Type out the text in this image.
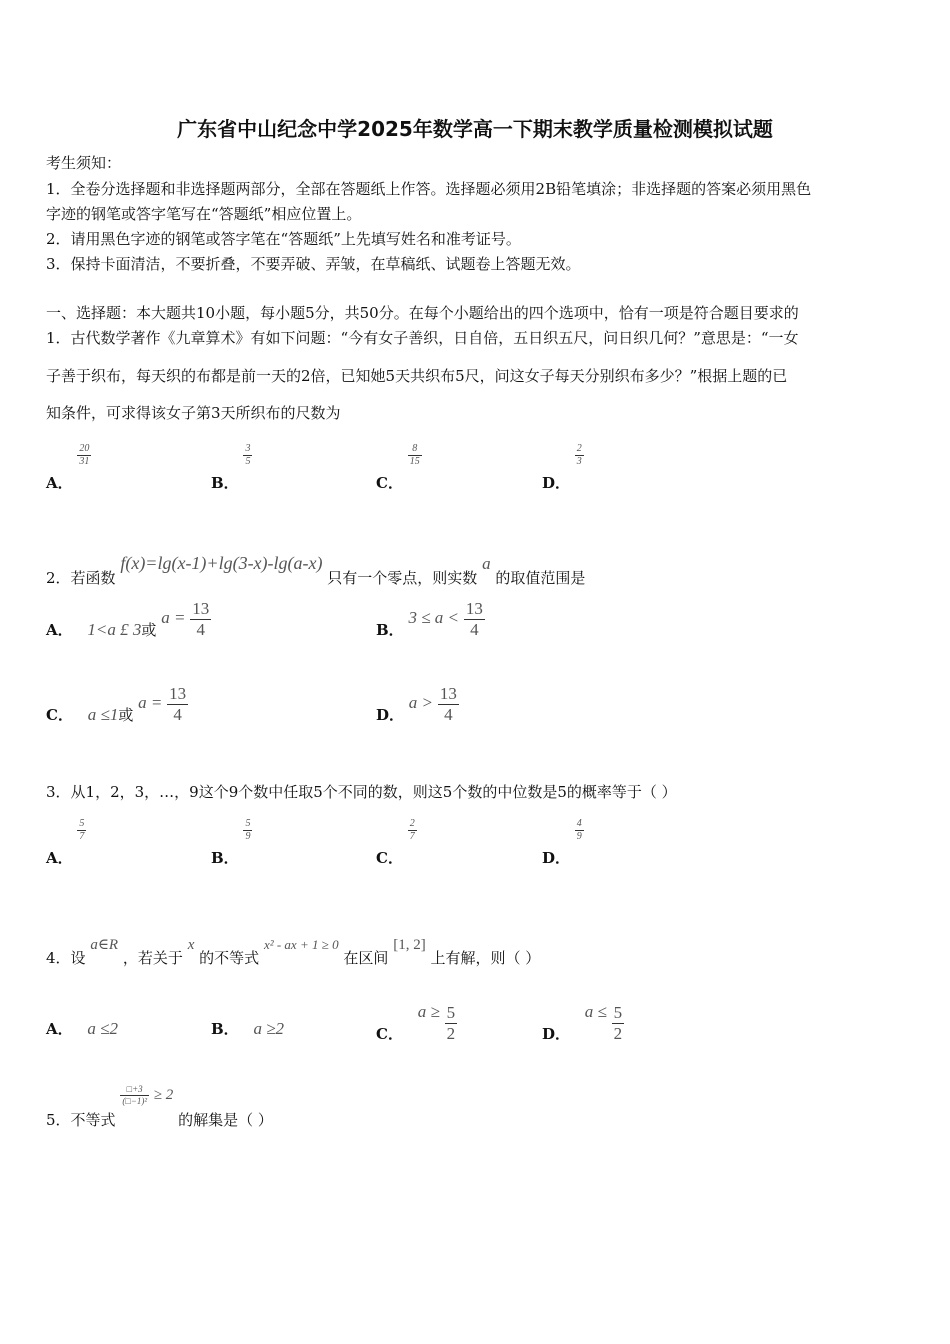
广东省中山纪念中学2025年数学高一下期末教学质量检测模拟试题
考生须知：
1．全卷分选择题和非选择题两部分，全部在答题纸上作答。选择题必须用2B铅笔填涂；非选择题的答案必须用黑色
字迹的钢笔或答字笔写在“答题纸”相应位置上。
2．请用黑色字迹的钢笔或答字笔在“答题纸”上先填写姓名和准考证号。
3．保持卡面清洁，不要折叠，不要弄破、弄皱，在草稿纸、试题卷上答题无效。
一、选择题：本大题共10小题，每小题5分，共50分。在每个小题给出的四个选项中，恰有一项是符合题目要求的
1．古代数学著作《九章算术》有如下问题：“今有女子善织，日自倍，五日织五尺，问日织几何？”意思是：“一女
子善于织布，每天织的布都是前一天的2倍，已知她5天共织布5尺，问这女子每天分别织布多少？”根据上题的已
知条件，可求得该女子第3天所织布的尺数为
A．
$\frac{20}{31}$
B．
$\frac{3}{5}$
C．
$\frac{8}{15}$
D．
$\frac{2}{3}$
2．若函数 f(x)=lg(x-1)+lg(3-x)-lg(a-x) 只有一个零点，则实数 a 的取值范围是
A． 1<a £ 3或 $a = \frac{13}{4}$	B． $3 \le a < \frac{13}{4}$
C． a ≤1或 $a = \frac{13}{4}$	D． $a > \frac{13}{4}$
3．从1，2，3，…，9这个9个数中任取5个不同的数，则这5个数的中位数是5的概率等于（ ）
A．
$\frac{5}{7}$
B．
$\frac{5}{9}$
C．
$\frac{2}{7}$
D．
$\frac{4}{9}$
4．设 a∈R ，若关于 x 的不等式 x² - ax + 1 ≥ 0 在区间 [1, 2] 上有解，则（ ）
A． a ≤2	B． a ≥2	C． $a \ge \frac{5}{2}$	D． $a \le \frac{5}{2}$
5．不等式
$\frac{□+3}{\text{(□−1)²}} \ge 2$ 的解集是（ ）
